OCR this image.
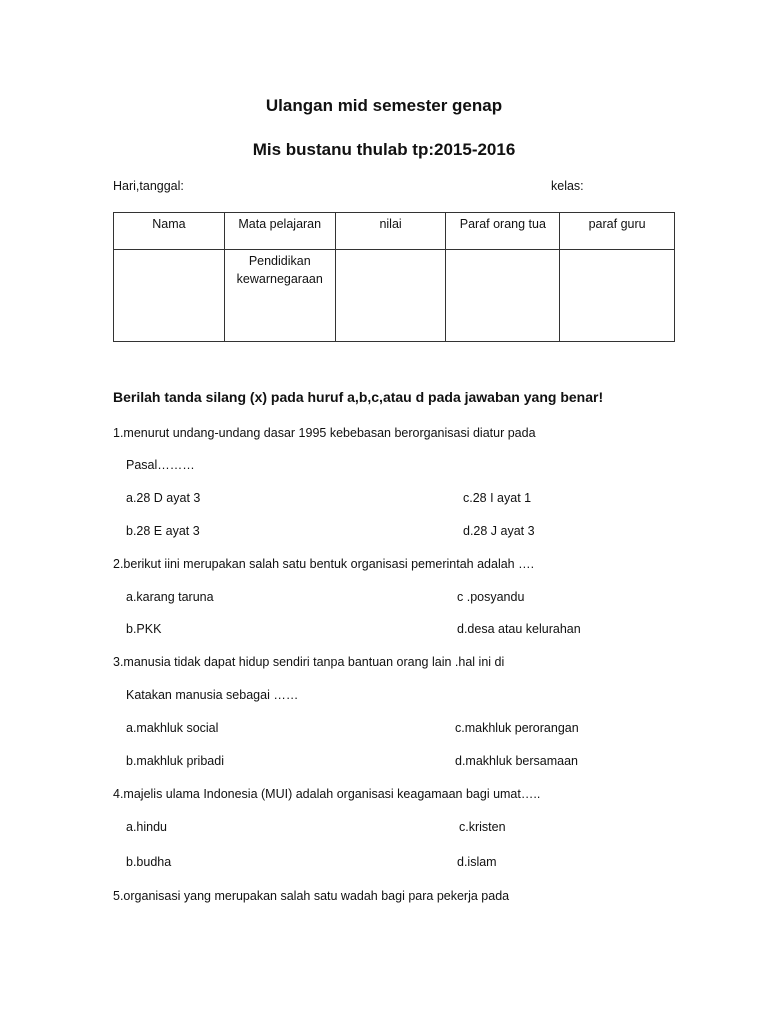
Ulangan mid semester genap
Mis bustanu thulab tp:2015-2016
Hari,tanggal:	kelas:
Nama	Mata pelajaran	nilai	Paraf orang tua	paraf guru
	Pendidikan kewarnegaraan			
Berilah tanda silang (x) pada huruf a,b,c,atau d pada jawaban yang benar!
1.menurut undang-undang dasar 1995 kebebasan berorganisasi diatur pada
Pasal………
a.28 D ayat 3	c.28 I ayat 1
b.28 E ayat 3	d.28 J ayat 3
2.berikut iini merupakan salah satu bentuk organisasi pemerintah adalah ….
a.karang taruna	c .posyandu
b.PKK	d.desa atau kelurahan
3.manusia tidak dapat hidup sendiri tanpa bantuan orang lain .hal ini di
Katakan manusia sebagai ……
a.makhluk social	c.makhluk perorangan
b.makhluk pribadi	d.makhluk bersamaan
4.majelis ulama Indonesia (MUI) adalah organisasi keagamaan bagi umat…..
a.hindu	c.kristen
b.budha	d.islam
5.organisasi yang merupakan salah satu wadah bagi para pekerja pada
